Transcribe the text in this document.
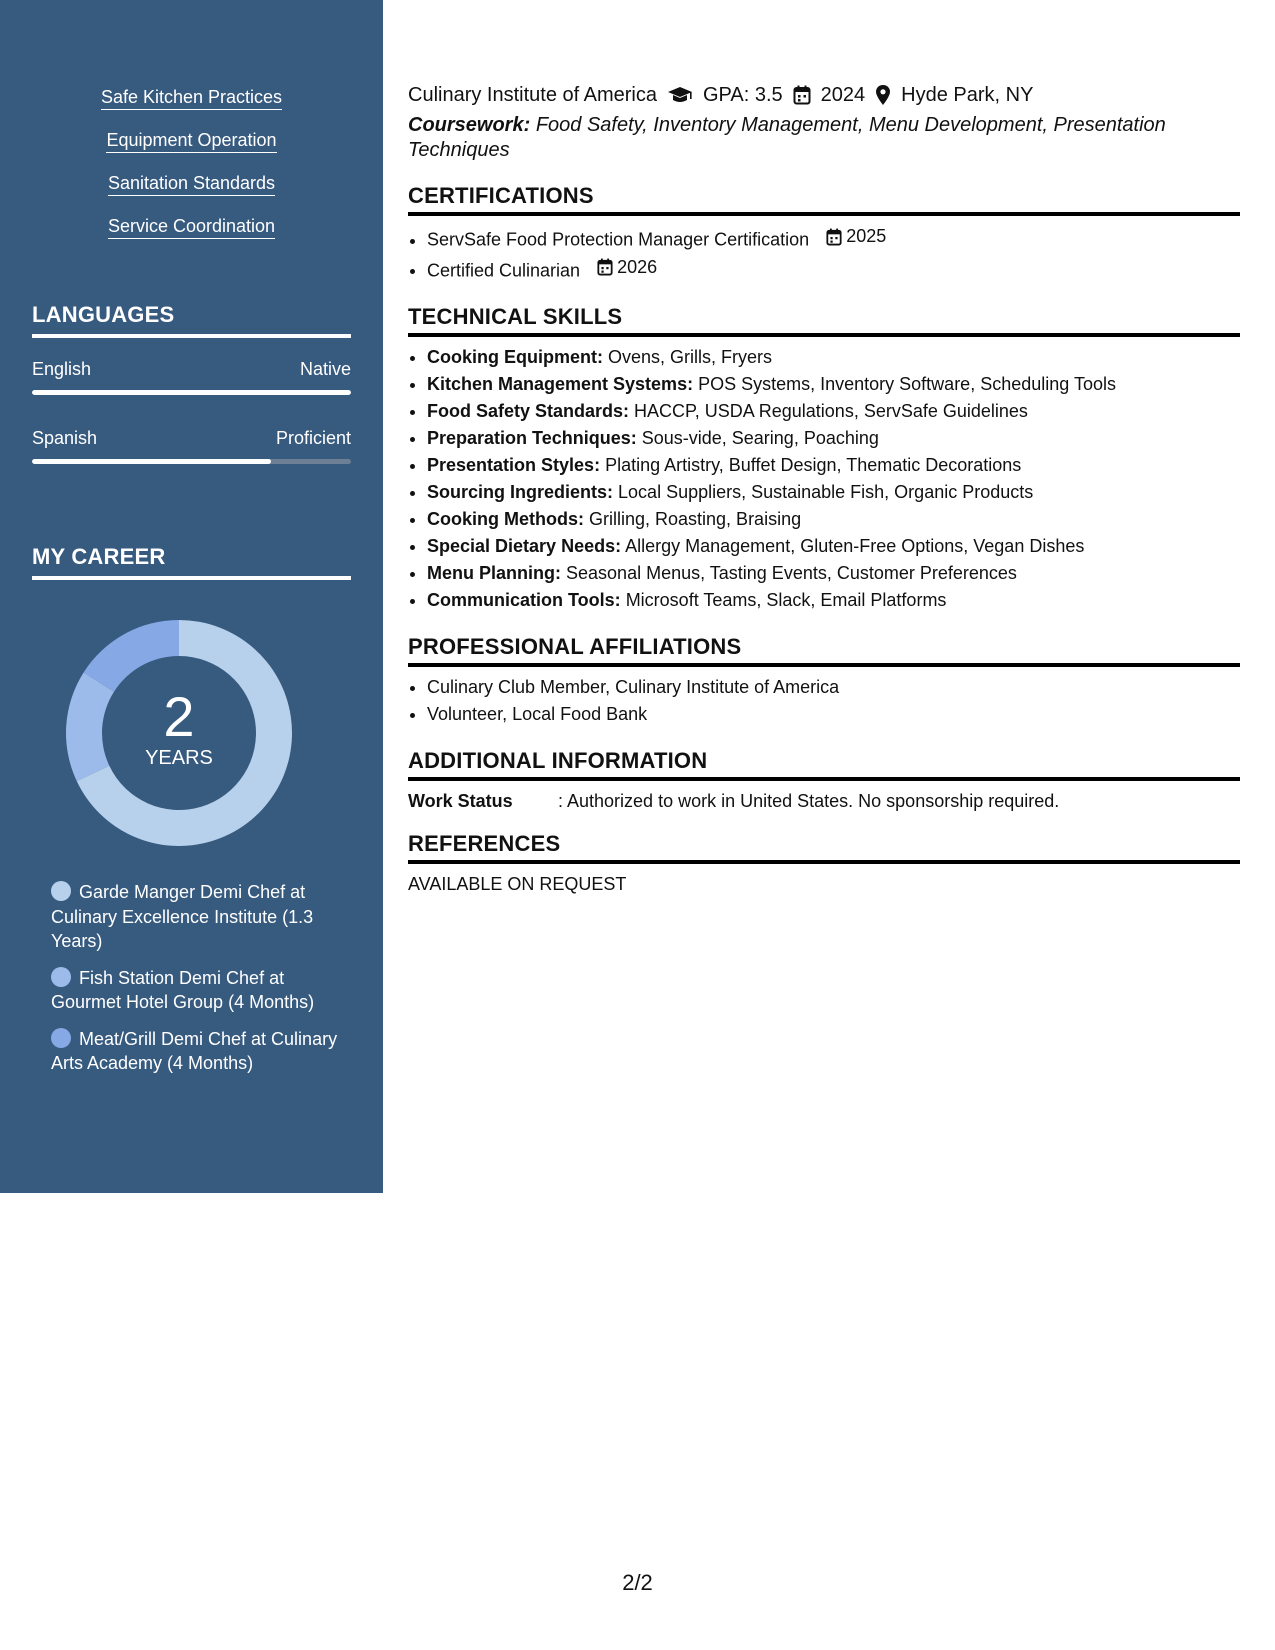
Safe Kitchen Practices
Equipment Operation
Sanitation Standards
Service Coordination
LANGUAGES
English	Native
Spanish	Proficient
MY CAREER
2
YEARS
Garde Manger Demi Chef at Culinary Excellence Institute (1.3 Years)
Fish Station Demi Chef at Gourmet Hotel Group (4 Months)
Meat/Grill Demi Chef at Culinary Arts Academy (4 Months)
Culinary Institute of America GPA: 3.5 2024 Hyde Park, NY
Coursework: Food Safety, Inventory Management, Menu Development, Presentation Techniques
CERTIFICATIONS
• ServSafe Food Protection Manager Certification 2025
• Certified Culinarian 2026
TECHNICAL SKILLS
• Cooking Equipment: Ovens, Grills, Fryers
• Kitchen Management Systems: POS Systems, Inventory Software, Scheduling Tools
• Food Safety Standards: HACCP, USDA Regulations, ServSafe Guidelines
• Preparation Techniques: Sous-vide, Searing, Poaching
• Presentation Styles: Plating Artistry, Buffet Design, Thematic Decorations
• Sourcing Ingredients: Local Suppliers, Sustainable Fish, Organic Products
• Cooking Methods: Grilling, Roasting, Braising
• Special Dietary Needs: Allergy Management, Gluten-Free Options, Vegan Dishes
• Menu Planning: Seasonal Menus, Tasting Events, Customer Preferences
• Communication Tools: Microsoft Teams, Slack, Email Platforms
PROFESSIONAL AFFILIATIONS
• Culinary Club Member, Culinary Institute of America
• Volunteer, Local Food Bank
ADDITIONAL INFORMATION
Work Status	: Authorized to work in United States. No sponsorship required.
REFERENCES
AVAILABLE ON REQUEST
2/2
